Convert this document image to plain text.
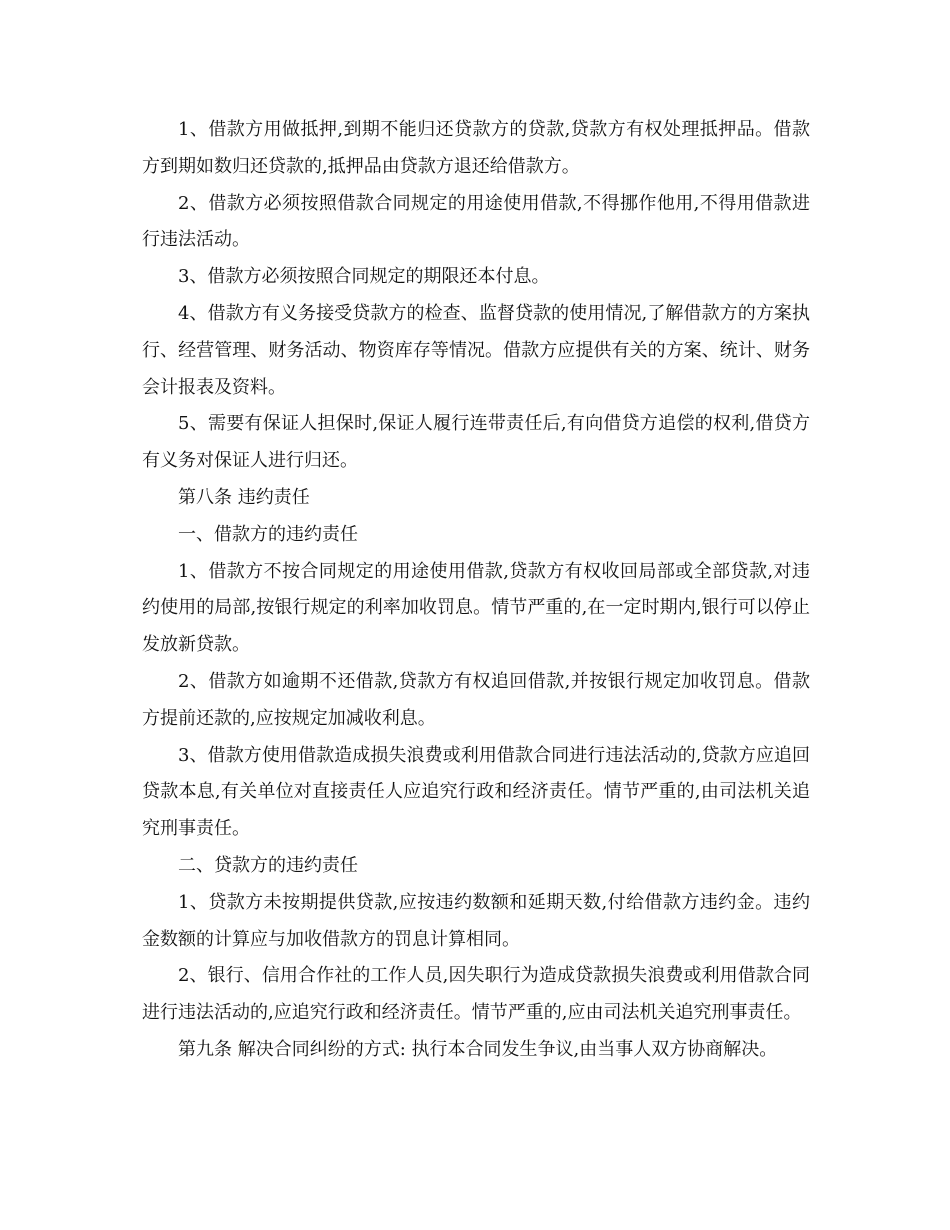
1、借款方用做抵押,到期不能归还贷款方的贷款,贷款方有权处理抵押品。借款方到期如数归还贷款的,抵押品由贷款方退还给借款方。

2、借款方必须按照借款合同规定的用途使用借款,不得挪作他用,不得用借款进行违法活动。

3、借款方必须按照合同规定的期限还本付息。

4、借款方有义务接受贷款方的检查、监督贷款的使用情况,了解借款方的方案执行、经营管理、财务活动、物资库存等情况。借款方应提供有关的方案、统计、财务会计报表及资料。

5、需要有保证人担保时,保证人履行连带责任后,有向借贷方追偿的权利,借贷方有义务对保证人进行归还。

第八条 违约责任

一、借款方的违约责任

1、借款方不按合同规定的用途使用借款,贷款方有权收回局部或全部贷款,对违约使用的局部,按银行规定的利率加收罚息。情节严重的,在一定时期内,银行可以停止发放新贷款。

2、借款方如逾期不还借款,贷款方有权追回借款,并按银行规定加收罚息。借款方提前还款的,应按规定加减收利息。

3、借款方使用借款造成损失浪费或利用借款合同进行违法活动的,贷款方应追回贷款本息,有关单位对直接责任人应追究行政和经济责任。情节严重的,由司法机关追究刑事责任。

二、贷款方的违约责任

1、贷款方未按期提供贷款,应按违约数额和延期天数,付给借款方违约金。违约金数额的计算应与加收借款方的罚息计算相同。

2、银行、信用合作社的工作人员,因失职行为造成贷款损失浪费或利用借款合同进行违法活动的,应追究行政和经济责任。情节严重的,应由司法机关追究刑事责任。

第九条 解决合同纠纷的方式: 执行本合同发生争议,由当事人双方协商解决。
